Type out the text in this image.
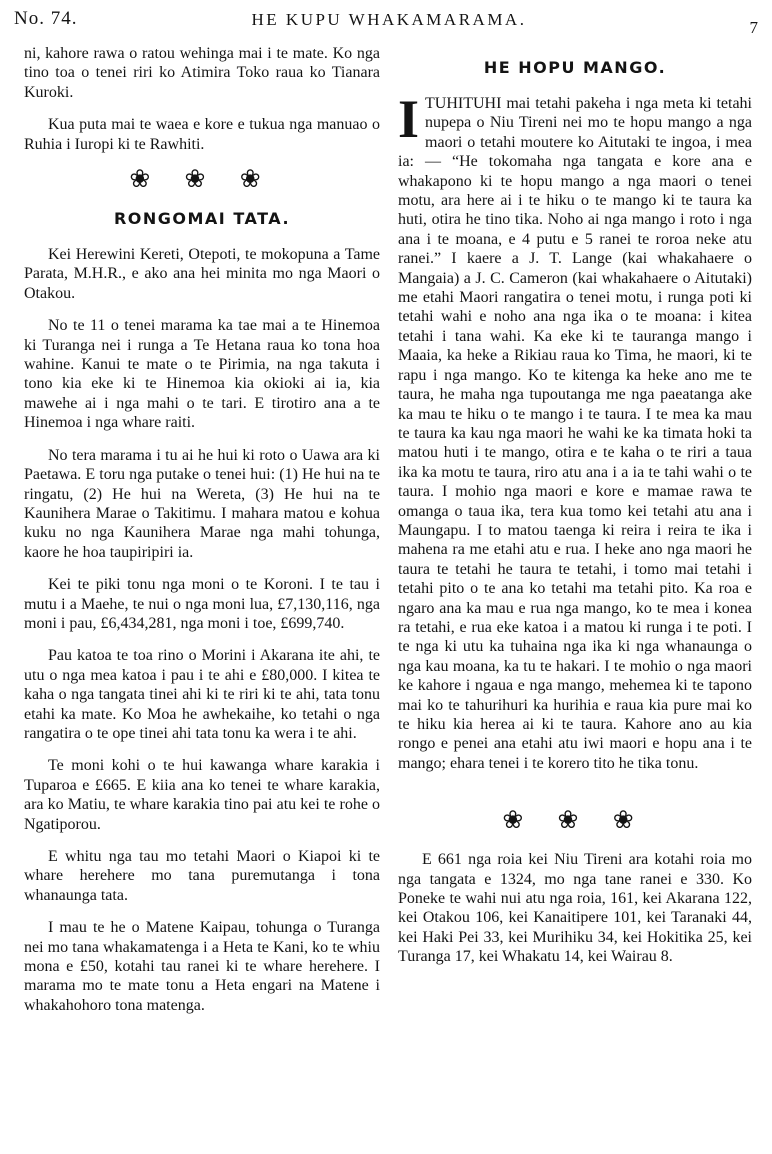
No. 74.	HE KUPU WHAKAMARAMA.	7

ni, kahore rawa o ratou wehinga mai i te mate. Ko nga tino toa o tenei riri ko Atimira Toko raua ko Tianara Kuroki.

Kua puta mai te waea e kore e tukua nga manuao o Ruhia i Iuropi ki te Rawhiti.

❀ ❀ ❀
RONGOMAI TATA.

Kei Herewini Kereti, Otepoti, te mokopuna a Tame Parata, M.H.R., e ako ana hei minita mo nga Maori o Otakou.

No te 11 o tenei marama ka tae mai a te Hinemoa ki Turanga nei i runga a Te Hetana raua ko tona hoa wahine. Kanui te mate o te Pirimia, na nga takuta i tono kia eke ki te Hinemoa kia okioki ai ia, kia mawehe ai i nga mahi o te tari. E tirotiro ana a te Hinemoa i nga whare raiti.

No tera marama i tu ai he hui ki roto o Uawa ara ki Paetawa. E toru nga putake o tenei hui: (1) He hui na te ringatu, (2) He hui na Wereta, (3) He hui na te Kaunihera Marae o Takitimu. I mahara matou e kohua kuku no nga Kaunihera Marae nga mahi tohunga, kaore he hoa taupiripiri ia.

Kei te piki tonu nga moni o te Koroni. I te tau i mutu i a Maehe, te nui o nga moni lua, £7,130,116, nga moni i pau, £6,434,281, nga moni i toe, £699,740.

Pau katoa te toa rino o Morini i Akarana ite ahi, te utu o nga mea katoa i pau i te ahi e £80,000. I kitea te kaha o nga tangata tinei ahi ki te riri ki te ahi, tata tonu etahi ka mate. Ko Moa he awhekaihe, ko tetahi o nga rangatira o te ope tinei ahi tata tonu ka wera i te ahi.

Te moni kohi o te hui kawanga whare karakia i Tuparoa e £665. E kiia ana ko tenei te whare karakia, ara ko Matiu, te whare karakia tino pai atu kei te rohe o Ngatiporou.

E whitu nga tau mo tetahi Maori o Kiapoi ki te whare herehere mo tana puremutanga i tona whanaunga tata.

I mau te he o Matene Kaipau, tohunga o Turanga nei mo tana whakamatenga i a Heta te Kani, ko te whiu mona e £50, kotahi tau ranei ki te whare herehere. I marama mo te mate tonu a Heta engari na Matene i whakahohoro tona matenga.

HE HOPU MANGO.

ITUHITUHI mai tetahi pakeha i nga meta ki tetahi nupepa o Niu Tireni nei mo te hopu mango a nga maori o tetahi moutere ko Aitutaki te ingoa, i mea ia: — “He tokomaha nga tangata e kore ana e whakapono ki te hopu mango a nga maori o tenei motu, ara here ai i te hiku o te mango ki te taura ka huti, otira he tino tika. Noho ai nga mango i roto i nga ana i te moana, e 4 putu e 5 ranei te roroa neke atu ranei.” I kaere a J. T. Lange (kai whakahaere o Mangaia) a J. C. Cameron (kai whakahaere o Aitutaki) me etahi Maori rangatira o tenei motu, i runga poti ki tetahi wahi e noho ana nga ika o te moana: i kitea tetahi i tana wahi. Ka eke ki te tauranga mango i Maaia, ka heke a Rikiau raua ko Tima, he maori, ki te rapu i nga mango. Ko te kitenga ka heke ano me te taura, he maha nga tupoutanga me nga paeatanga ake ka mau te hiku o te mango i te taura. I te mea ka mau te taura ka kau nga maori he wahi ke ka timata hoki ta matou huti i te mango, otira e te kaha o te riri a taua ika ka motu te taura, riro atu ana i a ia te tahi wahi o te taura. I mohio nga maori e kore e mamae rawa te omanga o taua ika, tera kua tomo kei tetahi atu ana i Maungapu. I to matou taenga ki reira i reira te ika i mahena ra me etahi atu e rua. I heke ano nga maori he taura te tetahi he taura te tetahi, i tomo mai tetahi i tetahi pito o te ana ko tetahi ma tetahi pito. Ka roa e ngaro ana ka mau e rua nga mango, ko te mea i konea ra tetahi, e rua eke katoa i a matou ki runga i te poti. I te nga ki utu ka tuhaina nga ika ki nga whanaunga o nga kau moana, ka tu te hakari. I te mohio o nga maori ke kahore i ngaua e nga mango, mehemea ki te tapono mai ko te tahurihuri ka hurihia e raua kia pure mai ko te hiku kia herea ai ki te taura. Kahore ano au kia rongo e penei ana etahi atu iwi maori e hopu ana i te mango; ehara tenei i te korero tito he tika tonu.

❀ ❀ ❀

E 661 nga roia kei Niu Tireni ara kotahi roia mo nga tangata e 1324, mo nga tane ranei e 330. Ko Poneke te wahi nui atu nga roia, 161, kei Akarana 122, kei Otakou 106, kei Kanaitipere 101, kei Taranaki 44, kei Haki Pei 33, kei Murihiku 34, kei Hokitika 25, kei Turanga 17, kei Whakatu 14, kei Wairau 8.
